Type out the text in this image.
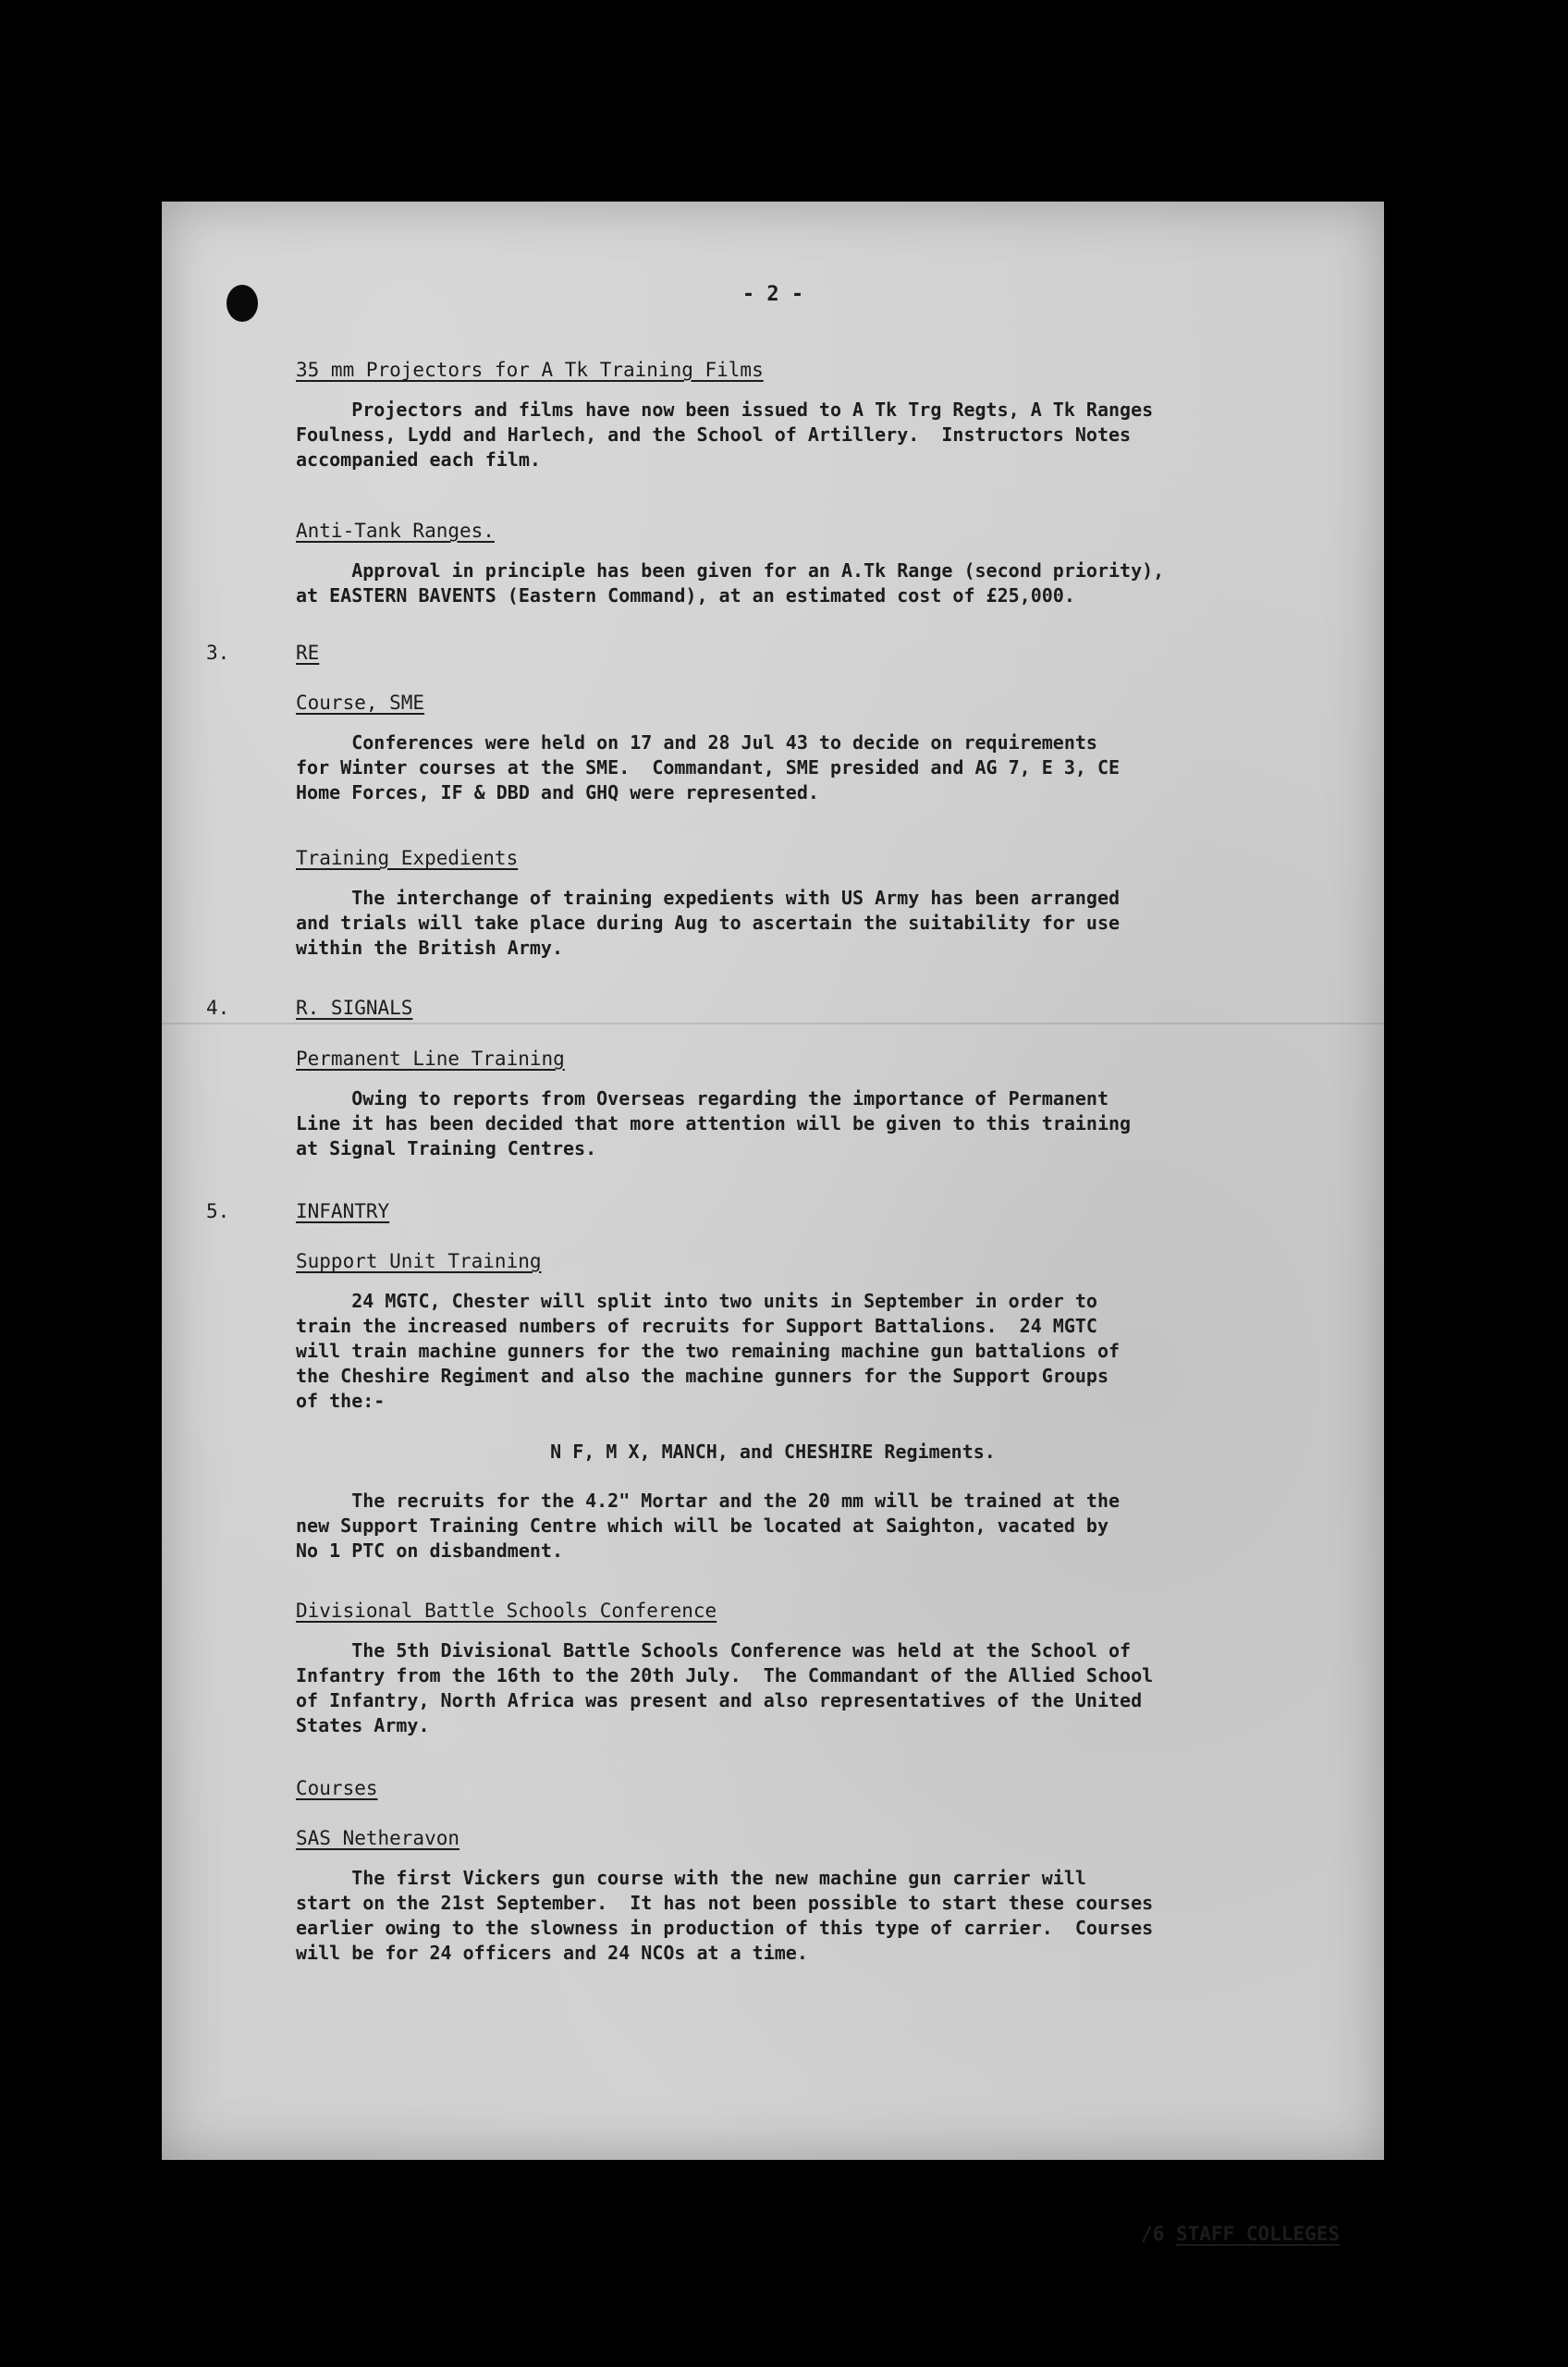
- 2 -
35 mm Projectors for A Tk Training Films
Projectors and films have now been issued to A Tk Trg Regts, A Tk Ranges
Foulness, Lydd and Harlech, and the School of Artillery.  Instructors Notes
accompanied each film.
Anti-Tank Ranges.
Approval in principle has been given for an A.Tk Range (second priority),
at EASTERN BAVENTS (Eastern Command), at an estimated cost of £25,000.
3.	RE
Course, SME
Conferences were held on 17 and 28 Jul 43 to decide on requirements
for Winter courses at the SME.  Commandant, SME presided and AG 7, E 3, CE
Home Forces, IF & DBD and GHQ were represented.
Training Expedients
The interchange of training expedients with US Army has been arranged
and trials will take place during Aug to ascertain the suitability for use
within the British Army.
4.	R. SIGNALS
Permanent Line Training
Owing to reports from Overseas regarding the importance of Permanent
Line it has been decided that more attention will be given to this training
at Signal Training Centres.
5.	INFANTRY
Support Unit Training
24 MGTC, Chester will split into two units in September in order to
train the increased numbers of recruits for Support Battalions.  24 MGTC
will train machine gunners for the two remaining machine gun battalions of
the Cheshire Regiment and also the machine gunners for the Support Groups
of the:-
N F, M X, MANCH, and CHESHIRE Regiments.
The recruits for the 4.2" Mortar and the 20 mm will be trained at the
new Support Training Centre which will be located at Saighton, vacated by
No 1 PTC on disbandment.
Divisional Battle Schools Conference
The 5th Divisional Battle Schools Conference was held at the School of
Infantry from the 16th to the 20th July.  The Commandant of the Allied School
of Infantry, North Africa was present and also representatives of the United
States Army.
Courses
SAS Netheravon
The first Vickers gun course with the new machine gun carrier will
start on the 21st September.  It has not been possible to start these courses
earlier owing to the slowness in production of this type of carrier.  Courses
will be for 24 officers and 24 NCOs at a time.
/6 STAFF COLLEGES
